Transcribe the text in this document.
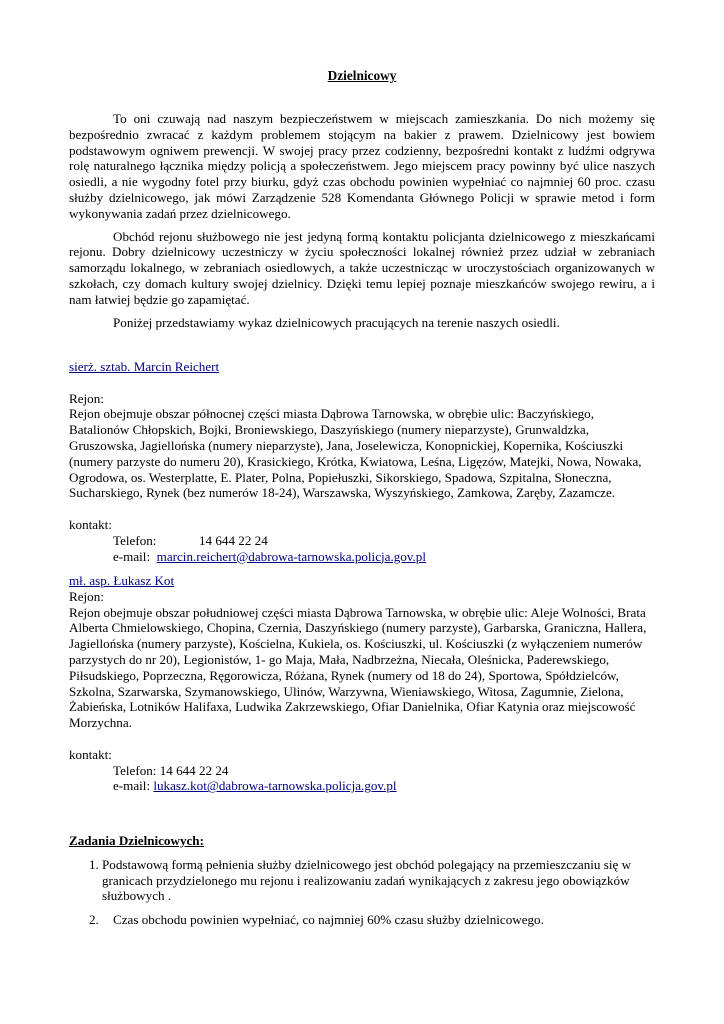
Dzielnicowy

To oni czuwają nad naszym bezpieczeństwem w miejscach zamieszkania. Do nich możemy się bezpośrednio zwracać z każdym problemem stojącym na bakier z prawem. Dzielnicowy jest bowiem podstawowym ogniwem prewencji. W swojej pracy przez codzienny, bezpośredni kontakt z ludźmi odgrywa rolę naturalnego łącznika między policją a społeczeństwem. Jego miejscem pracy powinny być ulice naszych osiedli, a nie wygodny fotel przy biurku, gdyż czas obchodu powinien wypełniać co najmniej 60 proc. czasu służby dzielnicowego, jak mówi Zarządzenie 528 Komendanta Głównego Policji w sprawie metod i form wykonywania zadań przez dzielnicowego.

Obchód rejonu służbowego nie jest jedyną formą kontaktu policjanta dzielnicowego z mieszkańcami rejonu. Dobry dzielnicowy uczestniczy w życiu społeczności lokalnej również przez udział w zebraniach samorządu lokalnego, w zebraniach osiedlowych, a także uczestnicząc w uroczystościach organizowanych w szkołach, czy domach kultury swojej dzielnicy. Dzięki temu lepiej poznaje mieszkańców swojego rewiru, a i nam łatwiej będzie go zapamiętać.

Poniżej przedstawiamy wykaz dzielnicowych pracujących na terenie naszych osiedli.

sierż. sztab. Marcin Reichert

Rejon:

Rejon obejmuje obszar północnej części miasta Dąbrowa Tarnowska, w obrębie ulic: Baczyńskiego, Batalionów Chłopskich, Bojki, Broniewskiego, Daszyńskiego (numery nieparzyste), Grunwaldzka, Gruszowska, Jagiellońska (numery nieparzyste), Jana, Joselewicza, Konopnickiej, Kopernika, Kościuszki (numery parzyste do numeru 20), Krasickiego, Krótka, Kwiatowa, Leśna, Ligęzów, Matejki, Nowa, Nowaka, Ogrodowa, os. Westerplatte, E. Plater, Polna, Popiełuszki, Sikorskiego, Spadowa, Szpitalna, Słoneczna, Sucharskiego, Rynek (bez numerów 18-24), Warszawska, Wyszyńskiego, Zamkowa, Zaręby, Zazamcze.

kontakt:

Telefon:	14 644 22 24

e-mail: marcin.reichert@dabrowa-tarnowska.policja.gov.pl

mł. asp. Łukasz Kot

Rejon:

Rejon obejmuje obszar południowej części miasta Dąbrowa Tarnowska, w obrębie ulic: Aleje Wolności, Brata Alberta Chmielowskiego, Chopina, Czernia, Daszyńskiego (numery parzyste), Garbarska, Graniczna, Hallera, Jagiellońska (numery parzyste), Kościelna, Kukiela, os. Kościuszki, ul. Kościuszki (z wyłączeniem numerów parzystych do nr 20), Legionistów, 1- go Maja, Mała, Nadbrzeżna, Niecała, Oleśnicka, Paderewskiego, Piłsudskiego, Poprzeczna, Ręgorowicza, Różana, Rynek (numery od 18 do 24), Sportowa, Spółdzielców, Szkolna, Szarwarska, Szymanowskiego, Ulinów, Warzywna, Wieniawskiego, Witosa, Zagumnie, Zielona, Żabieńska, Lotników Halifaxa, Ludwika Zakrzewskiego, Ofiar Danielnika, Ofiar Katynia oraz miejscowość Morzychna.

kontakt:

Telefon: 14 644 22 24

e-mail: lukasz.kot@dabrowa-tarnowska.policja.gov.pl

Zadania Dzielnicowych:

1. Podstawową formą pełnienia służby dzielnicowego jest obchód polegający na przemieszczaniu się w granicach przydzielonego mu rejonu i realizowaniu zadań wynikających z zakresu jego obowiązków służbowych .
2. Czas obchodu powinien wypełniać, co najmniej 60% czasu służby dzielnicowego.
